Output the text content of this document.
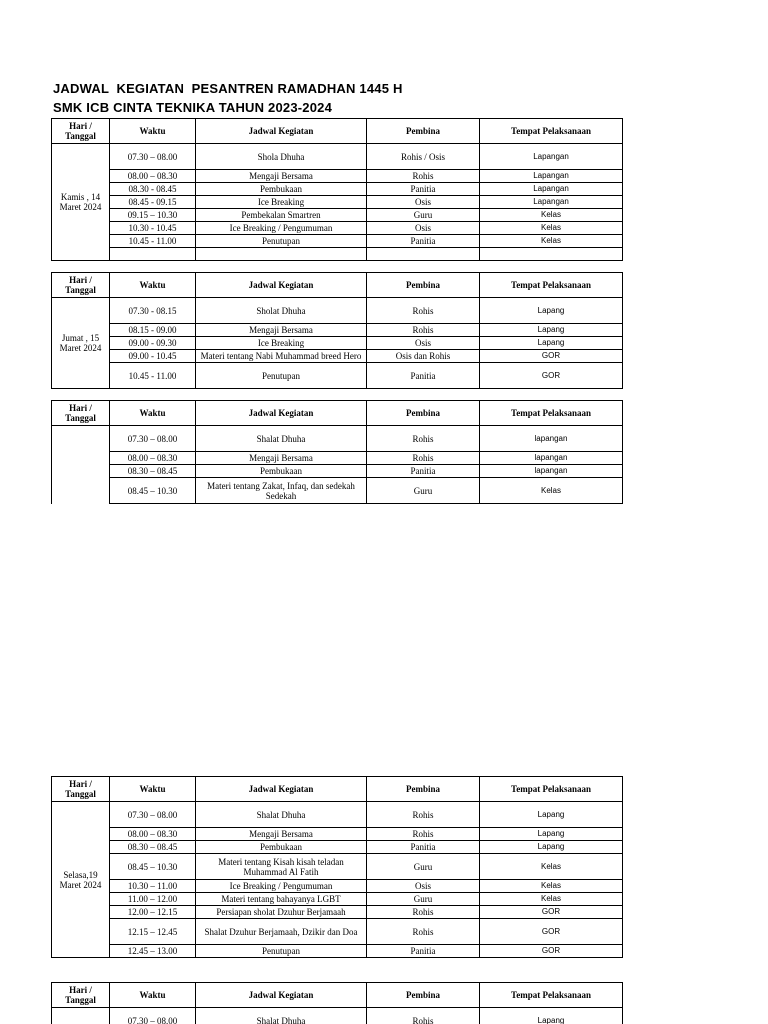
JADWAL  KEGIATAN  PESANTREN RAMADHAN 1445 H
SMK ICB CINTA TEKNIKA TAHUN 2023-2024
Hari / Tanggal	Waktu	Jadwal Kegiatan	Pembina	Tempat Pelaksanaan
Kamis , 14 Maret 2024	07.30 – 08.00	Shola Dhuha	Rohis / Osis	Lapangan
	08.00 – 08.30	Mengaji Bersama	Rohis	Lapangan
	08.30 - 08.45	Pembukaan	Panitia	Lapangan
	08.45 - 09.15	Ice Breaking	Osis	Lapangan
	09.15 – 10.30	Pembekalan Smartren	Guru	Kelas
	10.30 - 10.45	Ice Breaking / Pengumuman	Osis	Kelas
	10.45 - 11.00	Penutupan	Panitia	Kelas

Hari / Tanggal	Waktu	Jadwal Kegiatan	Pembina	Tempat Pelaksanaan
Jumat , 15 Maret 2024	07.30 - 08.15	Sholat Dhuha	Rohis	Lapang
	08.15 - 09.00	Mengaji Bersama	Rohis	Lapang
	09.00 - 09.30	Ice Breaking	Osis	Lapang
	09.00 - 10.45	Materi tentang Nabi Muhammad breed Hero	Osis dan Rohis	GOR
	10.45 - 11.00	Penutupan	Panitia	GOR
Hari / Tanggal	Waktu	Jadwal Kegiatan	Pembina	Tempat Pelaksanaan
	07.30 – 08.00	Shalat Dhuha	Rohis	lapangan
	08.00 – 08.30	Mengaji Bersama	Rohis	lapangan
	08.30 – 08.45	Pembukaan	Panitia	lapangan
	08.45 – 10.30	Materi tentang Zakat, Infaq, dan sedekah Sedekah	Guru	Kelas

Hari / Tanggal	Waktu	Jadwal Kegiatan	Pembina	Tempat Pelaksanaan
Selasa,19 Maret 2024	07.30 – 08.00	Shalat Dhuha	Rohis	Lapang
	08.00 – 08.30	Mengaji Bersama	Rohis	Lapang
	08.30 – 08.45	Pembukaan	Panitia	Lapang
	08.45 – 10.30	Materi tentang Kisah kisah teladan Muhammad Al Fatih	Guru	Kelas
	10.30 – 11.00	Ice Breaking / Pengumuman	Osis	Kelas
	11.00 – 12.00	Materi tentang bahayanya LGBT	Guru	Kelas
	12.00 – 12.15	Persiapan sholat Dzuhur Berjamaah	Rohis	GOR
	12.15 – 12.45	Shalat Dzuhur Berjamaah, Dzikir dan Doa	Rohis	GOR
	12.45 – 13.00	Penutupan	Panitia	GOR
Hari / Tanggal	Waktu	Jadwal Kegiatan	Pembina	Tempat Pelaksanaan
	07.30 – 08.00	Shalat Dhuha	Rohis	Lapang
